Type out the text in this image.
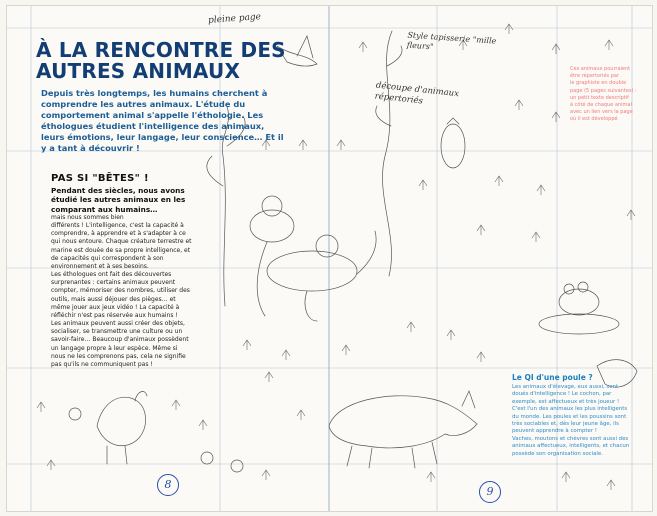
À LA RENCONTRE DES AUTRES ANIMAUX
Depuis très longtemps, les humains cherchent à comprendre les autres animaux. L'étude du comportement animal s'appelle l'éthologie. Les éthologues étudient l'intelligence des animaux, leurs émotions, leur langage, leur conscience… Et il y a tant à découvrir !
PAS SI "BÊTES" !
Pendant des siècles, nous avons étudié les autres animaux en les comparant aux humains…
mais nous sommes bien
différents ! L'intelligence, c'est la capacité à
comprendre, à apprendre et à s'adapter à ce
qui nous entoure. Chaque créature terrestre et
marine est douée de sa propre intelligence, et
de capacités qui correspondent à son
environnement et à ses besoins.
Les éthologues ont fait des découvertes
surprenantes : certains animaux peuvent
compter, mémoriser des nombres, utiliser des
outils, mais aussi déjouer des pièges… et
même jouer aux jeux vidéo ! La capacité à
réfléchir n'est pas réservée aux humains !
Les animaux peuvent aussi créer des objets,
socialiser, se transmettre une culture ou un
savoir-faire… Beaucoup d'animaux possèdent
un langage propre à leur espèce. Même si
nous ne les comprenons pas, cela ne signifie
pas qu'ils ne communiquent pas !
pleine page
Style tapisserie "mille fleurs"
découpe d'animaux répertoriés
Ces animaux pourraient
être répertoriés par
le graphiste en double
page (5 pages suivantes) :
un petit texte descriptif
à côté de chaque animal
avec un lien vers la page
où il est développé
Le QI d'une poule ?
Les animaux d'élevage, eux aussi, sont
doués d'intelligence ! Le cochon, par
exemple, est affectueux et très joueur !
C'est l'un des animaux les plus intelligents
du monde. Les poules et les poussins sont
très sociables et, dès leur jeune âge, ils
peuvent apprendre à compter !
Vaches, moutons et chèvres sont aussi des
animaux affectueux, intelligents, et chacun
possède son organisation sociale.
8
9
